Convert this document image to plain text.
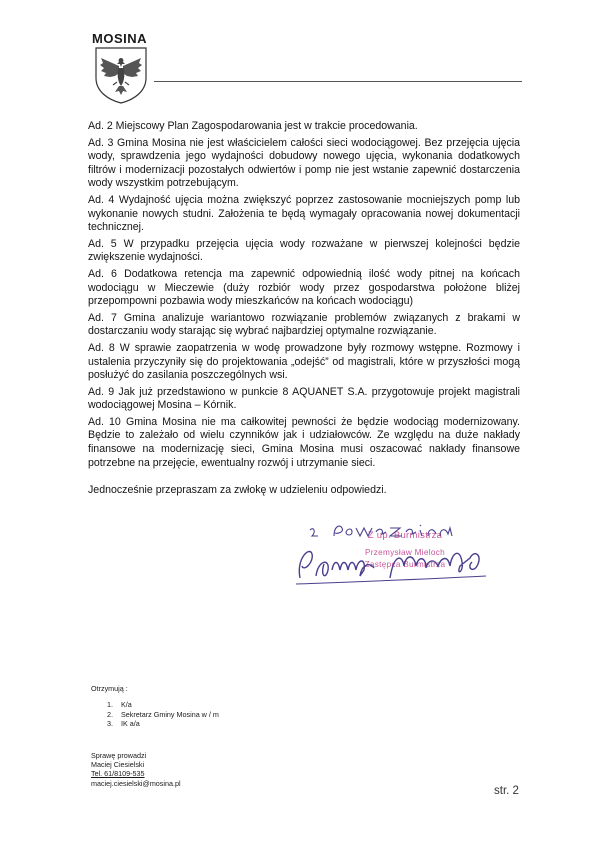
MOSINA

Ad. 2 Miejscowy Plan Zagospodarowania jest w trakcie procedowania.

Ad. 3 Gmina Mosina nie jest właścicielem całości sieci wodociągowej. Bez przejęcia ujęcia wody, sprawdzenia jego wydajności dobudowy nowego ujęcia, wykonania dodatkowych filtrów i modernizacji pozostałych odwiertów i pomp nie jest wstanie zapewnić dostarczenia wody wszystkim potrzebującym.

Ad. 4 Wydajność ujęcia można zwiększyć poprzez zastosowanie mocniejszych pomp lub wykonanie nowych studni. Założenia te będą wymagały opracowania nowej dokumentacji technicznej.

Ad. 5 W przypadku przejęcia ujęcia wody rozważane w pierwszej kolejności będzie zwiększenie wydajności.

Ad. 6 Dodatkowa retencja ma zapewnić odpowiednią ilość wody pitnej na końcach wodociągu w Mieczewie (duży rozbiór wody przez gospodarstwa położone bliżej przepompowni pozbawia wody mieszkańców na końcach wodociągu)

Ad. 7 Gmina analizuje wariantowo rozwiązanie problemów związanych z brakami w dostarczaniu wody starając się wybrać najbardziej optymalne rozwiązanie.

Ad. 8 W sprawie zaopatrzenia w wodę prowadzone były rozmowy wstępne. Rozmowy i ustalenia przyczyniły się do projektowania „odejść” od magistrali, które w przyszłości mogą posłużyć do zasilania poszczególnych wsi.

Ad. 9 Jak już przedstawiono w punkcie 8 AQUANET S.A. przygotowuje projekt magistrali wodociągowej Mosina – Kórnik.

Ad. 10 Gmina Mosina nie ma całkowitej pewności że będzie wodociąg modernizowany. Będzie to zależało od wielu czynników jak i udziałowców. Ze względu na duże nakłady finansowe na modernizację sieci, Gmina Mosina musi oszacować nakłady finansowe potrzebne na przejęcie, ewentualny rozwój i utrzymanie sieci.

Jednocześnie przepraszam za zwłokę w udzieleniu odpowiedzi.

Z up. Burmistrza
Przemysław Mieloch
Zastępca Burmistrza
Otrzymują :
1.	K/a
2.	Sekretarz Gminy Mosina w / m
3.	IK a/a
Sprawę prowadzi
Maciej Ciesielski
Tel. 61/8109-535
maciej.ciesielski@mosina.pl
str. 2
